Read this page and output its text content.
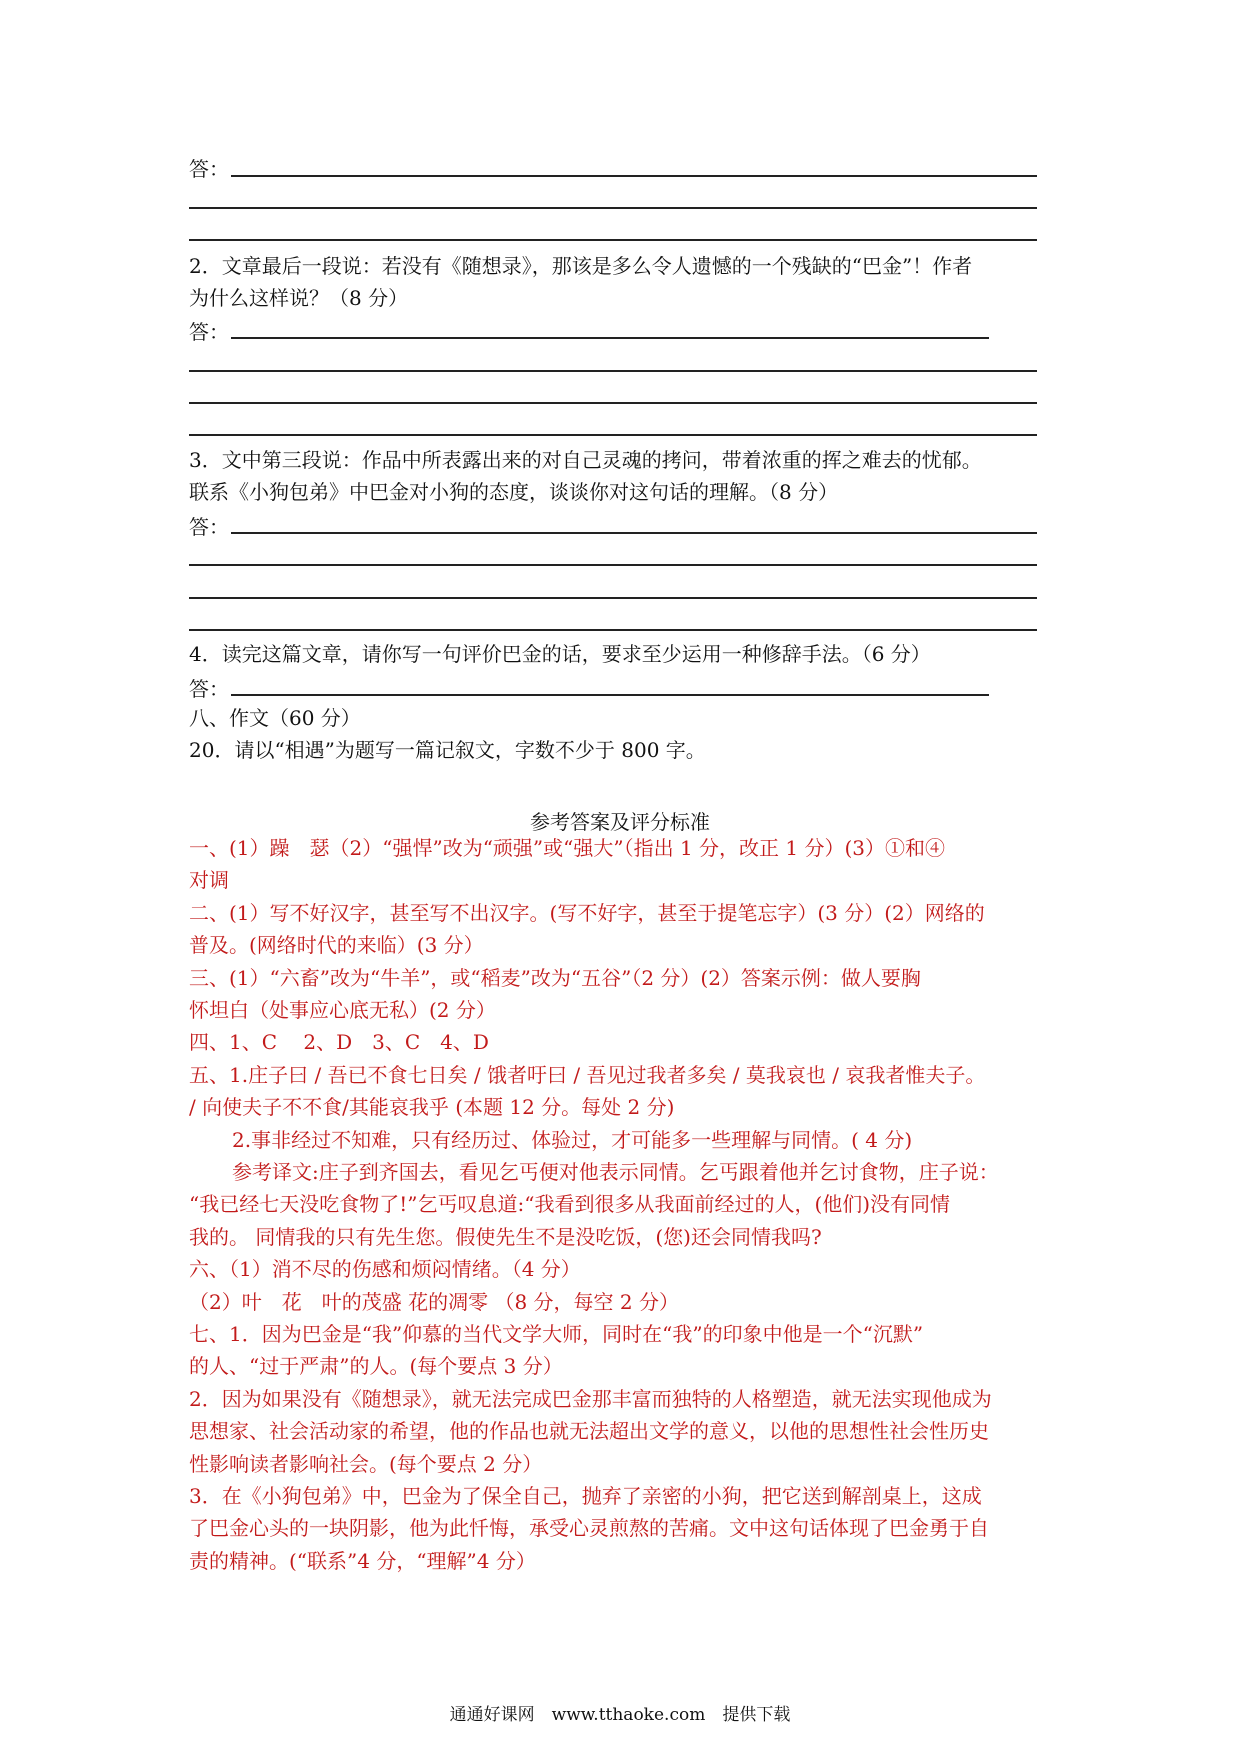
答：
2．文章最后一段说：若没有《随想录》，那该是多么令人遗憾的一个残缺的“巴金”！作者
为什么这样说？（8 分）
答：
3．文中第三段说：作品中所表露出来的对自己灵魂的拷问，带着浓重的挥之难去的忧郁。
联系《小狗包弟》中巴金对小狗的态度，谈谈你对这句话的理解。（8 分）
答：
4．读完这篇文章，请你写一句评价巴金的话，要求至少运用一种修辞手法。（6 分）
答：
八、作文（60 分）
20．请以“相遇”为题写一篇记叙文，字数不少于 800 字。
参考答案及评分标准
一、(1）躁　瑟（2）“强悍”改为“顽强”或“强大”（指出 1 分，改正 1 分）(3）①和④
对调
二、(1）写不好汉字，甚至写不出汉字。(写不好字，甚至于提笔忘字）(3 分）(2）网络的
普及。(网络时代的来临）(3 分）
三、(1）“六畜”改为“牛羊”，或“稻麦”改为“五谷”（2 分）(2）答案示例：做人要胸
怀坦白（处事应心底无私）(2 分）
四、1、C　 2、D　3、C　4、D
五、1.庄子曰 / 吾已不食七日矣 / 饿者吁曰 / 吾见过我者多矣 / 莫我哀也 / 哀我者惟夫子。
/ 向使夫子不不食/其能哀我乎 (本题 12 分。每处 2 分)
2.事非经过不知难，只有经历过、体验过，才可能多一些理解与同情。( 4 分)
参考译文:庄子到齐国去，看见乞丐便对他表示同情。乞丐跟着他并乞讨食物，庄子说：
“我已经七天没吃食物了!”乞丐叹息道:“我看到很多从我面前经过的人，(他们)没有同情
我的。 同情我的只有先生您。假使先生不是没吃饭，(您)还会同情我吗?
六、（1）消不尽的伤感和烦闷情绪。（4 分）
（2）叶　花　叶的茂盛 花的凋零 （8 分，每空 2 分）
七、1．因为巴金是“我”仰慕的当代文学大师，同时在“我”的印象中他是一个“沉默”
的人、“过于严肃”的人。(每个要点 3 分）
2．因为如果没有《随想录》，就无法完成巴金那丰富而独特的人格塑造，就无法实现他成为
思想家、社会活动家的希望，他的作品也就无法超出文学的意义，以他的思想性社会性历史
性影响读者影响社会。(每个要点 2 分）
3．在《小狗包弟》中，巴金为了保全自己，抛弃了亲密的小狗，把它送到解剖桌上，这成
了巴金心头的一块阴影，他为此忏悔，承受心灵煎熬的苦痛。文中这句话体现了巴金勇于自
责的精神。(“联系”4 分，“理解”4 分）
通通好课网　www.tthaoke.com　提供下载
